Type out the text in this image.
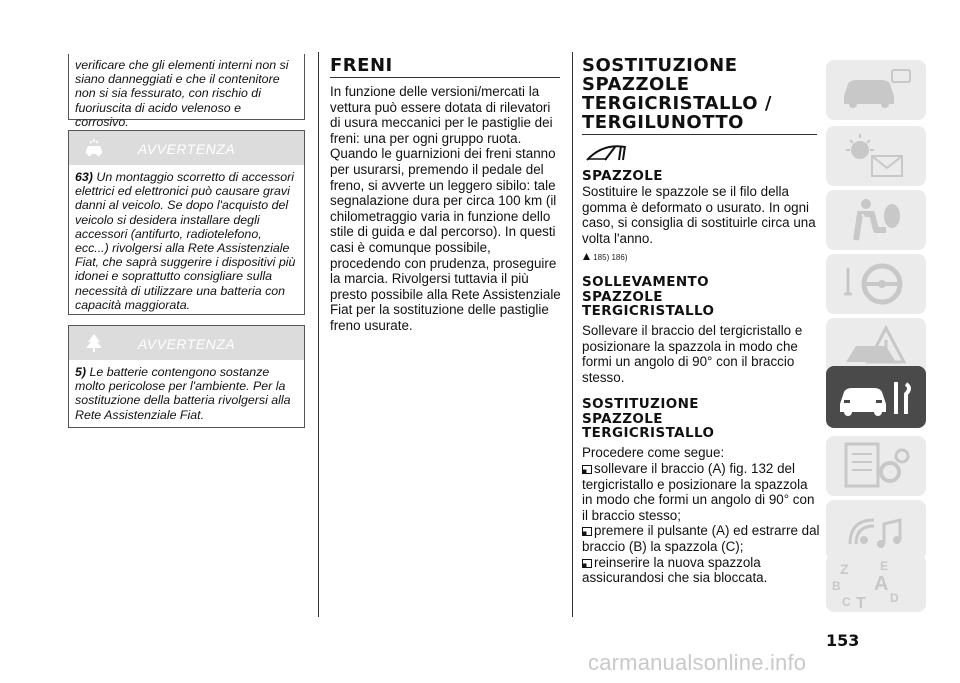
verificare che gli elementi interni non si siano danneggiati e che il contenitore non si sia fessurato, con rischio di fuoriuscita di acido velenoso e corrosivo.
AVVERTENZA
63) Un montaggio scorretto di accessori elettrici ed elettronici può causare gravi danni al veicolo. Se dopo l'acquisto del veicolo si desidera installare degli accessori (antifurto, radiotelefono, ecc...) rivolgersi alla Rete Assistenziale Fiat, che saprà suggerire i dispositivi più idonei e soprattutto consigliare sulla necessità di utilizzare una batteria con capacità maggiorata.
AVVERTENZA
5) Le batterie contengono sostanze molto pericolose per l'ambiente. Per la sostituzione della batteria rivolgersi alla Rete Assistenziale Fiat.
FRENI
In funzione delle versioni/mercati la vettura può essere dotata di rilevatori di usura meccanici per le pastiglie dei freni: una per ogni gruppo ruota. Quando le guarnizioni dei freni stanno per usurarsi, premendo il pedale del freno, si avverte un leggero sibilo: tale segnalazione dura per circa 100 km (il chilometraggio varia in funzione dello stile di guida e dal percorso). In questi casi è comunque possibile, procedendo con prudenza, proseguire la marcia. Rivolgersi tuttavia il più presto possibile alla Rete Assistenziale Fiat per la sostituzione delle pastiglie freno usurate.
SOSTITUZIONE
SPAZZOLE
TERGICRISTALLO /
TERGILUNOTTO
SPAZZOLE
Sostituire le spazzole se il filo della gomma è deformato o usurato. In ogni caso, si consiglia di sostituirle circa una volta l'anno.
185) 186)
SOLLEVAMENTO
SPAZZOLE
TERGICRISTALLO
Sollevare il braccio del tergicristallo e posizionare la spazzola in modo che formi un angolo di 90° con il braccio stesso.
SOSTITUZIONE
SPAZZOLE
TERGICRISTALLO
Procedere come segue:
sollevare il braccio (A) fig. 132 del tergicristallo e posizionare la spazzola in modo che formi un angolo di 90° con il braccio stesso;
premere il pulsante (A) ed estrarre dal braccio (B) la spazzola (C);
reinserire la nuova spazzola assicurandosi che sia bloccata.
Z	E
B A
C T D
153
carmanualsonline.info
